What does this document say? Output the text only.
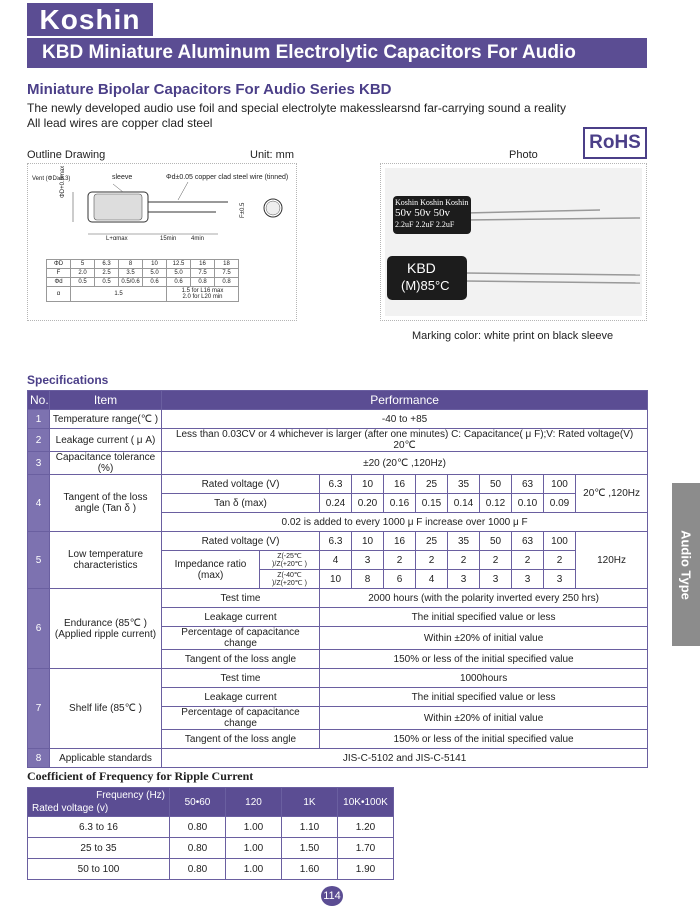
Koshin
KBD Miniature Aluminum Electrolytic Capacitors For Audio
Miniature Bipolar Capacitors For Audio Series KBD
The newly developed audio use foil and special electrolyte makesslearsnd far-carrying sound a reality
All lead wires are copper clad steel
RoHS
Outline Drawing	Unit: mm	Photo
Vent (ΦD≥6.3)	sleeve	Φd±0.05 copper clad steel wire (tinned)
ΦD+0.5max
L+αmax	15min 4min
F±0.5
ΦD	5	6.3	8	10	12.5	16	18
F	2.0	2.5	3.5	5.0	5.0	7.5	7.5
Φd	0.5	0.5	0.5/0.6	0.6	0.6	0.8	0.8
α	1.5				1.5 for L16 max
2.0 for L20 min		
Koshin Koshin Koshin
50v 50v 50v
2.2uF 2.2uF 2.2uF
KBD
(M)85°C
Marking color: white print on black sleeve
Specifications
No.	Item	Performance										
1	Temperature range(℃ )	-40 to +85										
2	Leakage current ( μ A)	Less than 0.03CV or 4 whichever is larger (after one minutes) C: Capacitance( μ F);V: Rated voltage(V) 20℃										
3	Capacitance tolerance (%)	±20 (20℃ ,120Hz)										
4	Tangent of the loss angle (Tan δ )	Rated voltage (V)		6.3	10	16	25	35	50	63	100	20℃ ,120Hz
		Tan δ (max)		0.24	0.20	0.16	0.15	0.14	0.12	0.10	0.09	
		0.02 is added to every 1000 μ F increase over 1000 μ F										
5	Low temperature characteristics	Rated voltage (V)		6.3	10	16	25	35	50	63	100	120Hz
		Impedance ratio (max)	Z(-25℃ )/Z(+20℃ )	4	3	2	2	2	2	2	2	
			Z(-40℃ )/Z(+20℃ )	10	8	6	4	3	3	3	3	
6	Endurance (85℃ ) (Applied ripple current)	Test time		2000 hours (with the polarity inverted every 250 hrs)								
		Leakage current		The initial specified value or less								
		Percentage of capacitance change		Within ±20% of initial value								
		Tangent of the loss angle		150% or less of the initial specified value								
7	Shelf life (85℃ )	Test time		1000hours								
		Leakage current		The initial specified value or less								
		Percentage of capacitance change		Within ±20% of initial value								
		Tangent of the loss angle		150% or less of the initial specified value								
8	Applicable standards	JIS-C-5102 and JIS-C-5141										
Coefficient of Frequency for Ripple Current
Frequency (Hz)
Rated voltage (v)	50•60	120	1K	10K•100K
6.3 to 16	0.80	1.00	1.10	1.20
25 to 35	0.80	1.00	1.50	1.70
50 to 100	0.80	1.00	1.60	1.90
Audio Type
114
